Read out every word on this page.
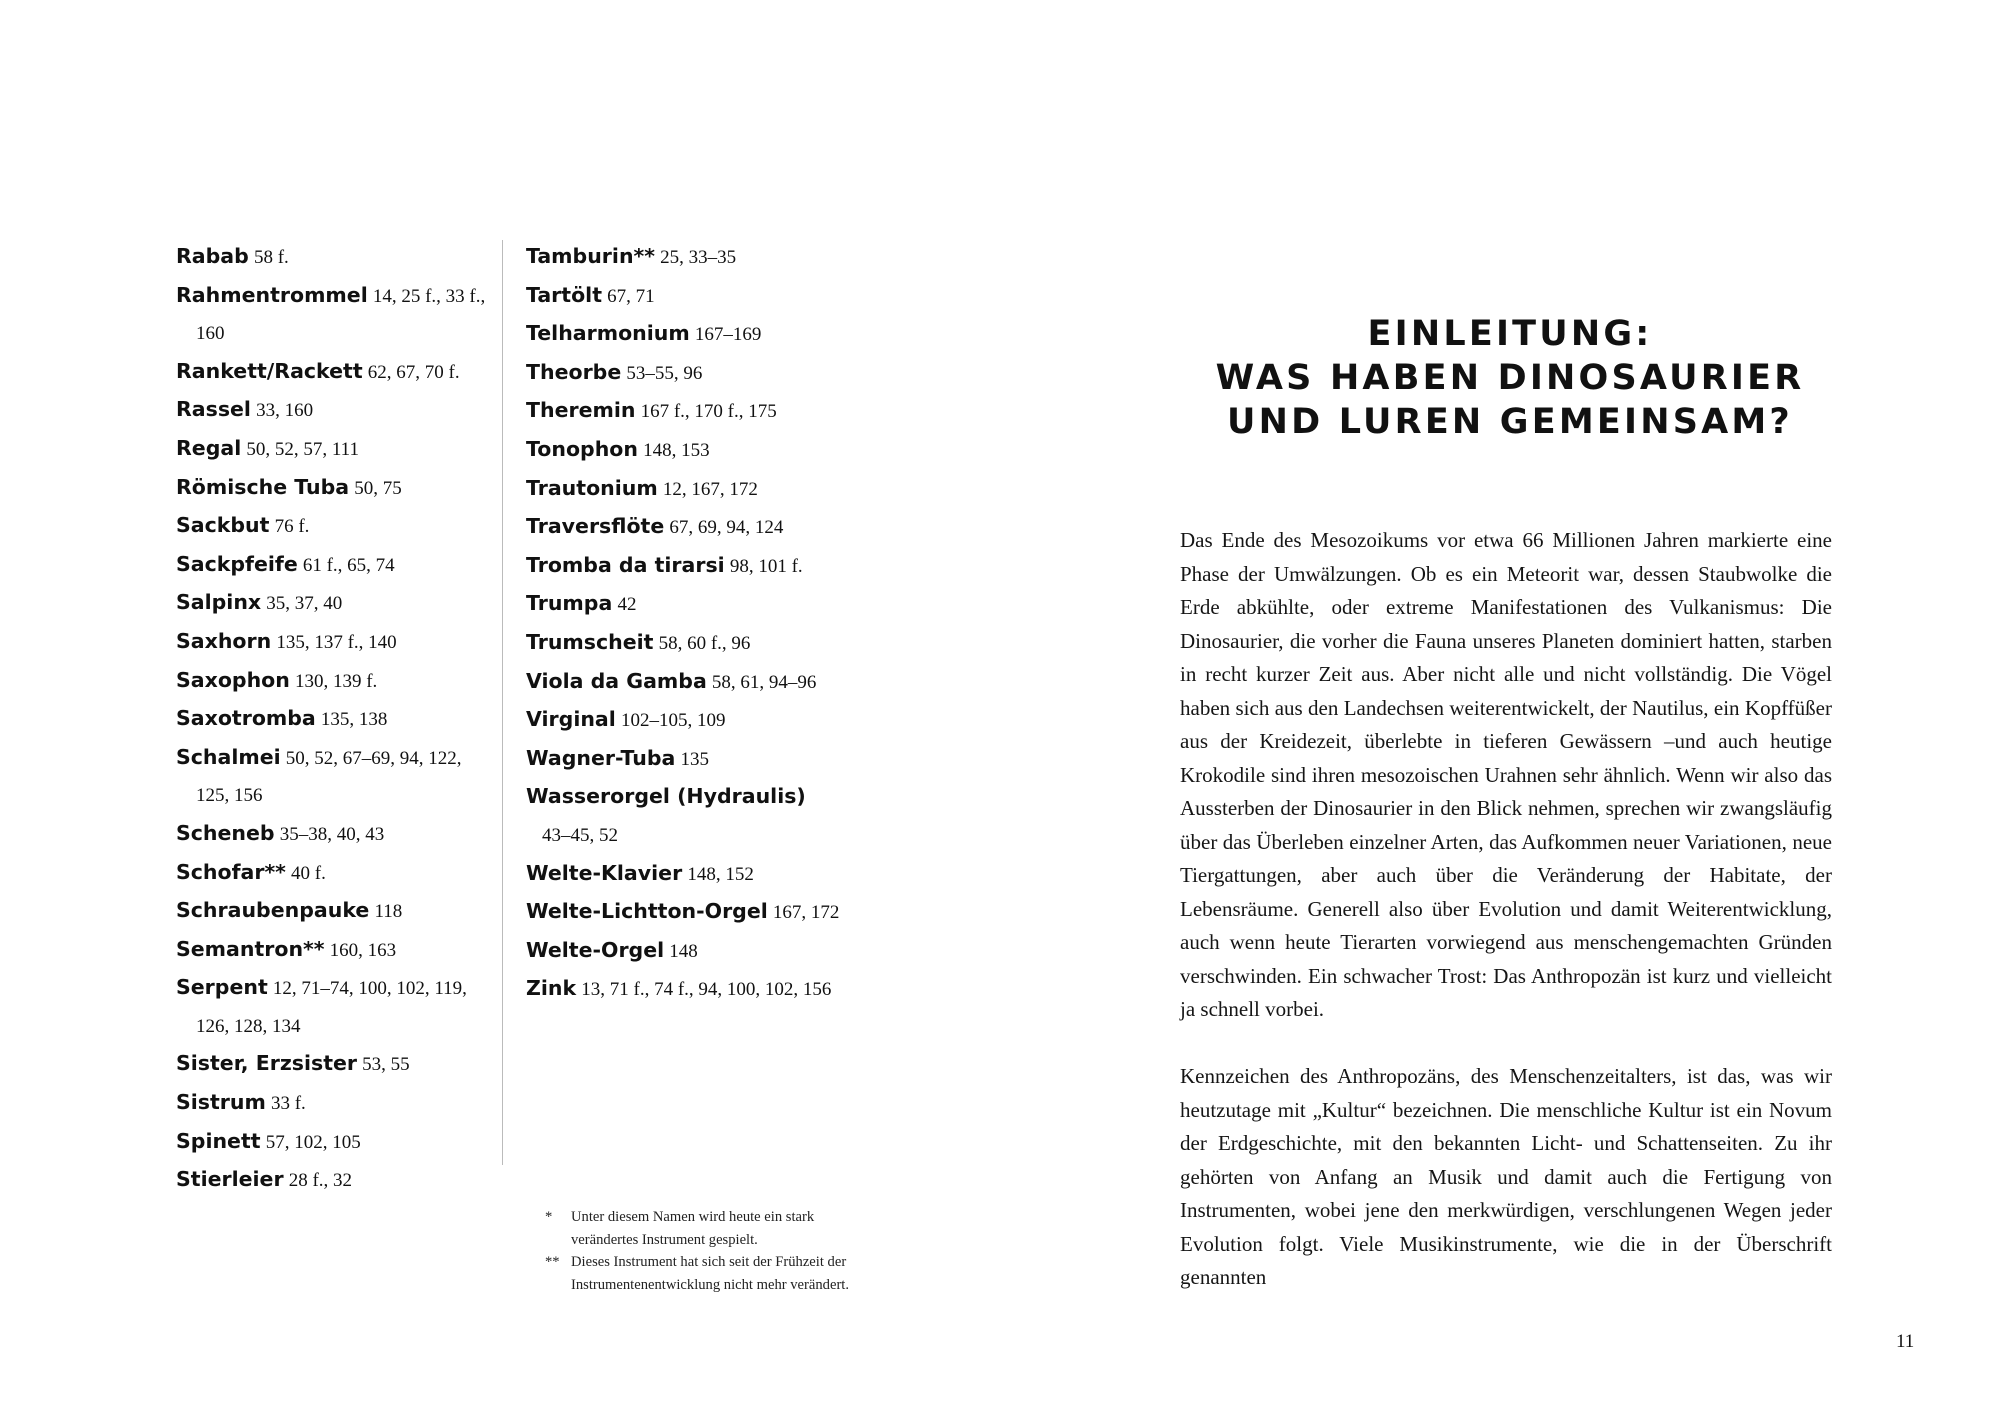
Rabab 58 f.
Rahmentrommel 14, 25 f., 33 f.,
160
Rankett/Rackett 62, 67, 70 f.
Rassel 33, 160
Regal 50, 52, 57, 111
Römische Tuba 50, 75
Sackbut 76 f.
Sackpfeife 61 f., 65, 74
Salpinx 35, 37, 40
Saxhorn 135, 137 f., 140
Saxophon 130, 139 f.
Saxotromba 135, 138
Schalmei 50, 52, 67–69, 94, 122,
125, 156
Scheneb 35–38, 40, 43
Schofar** 40 f.
Schraubenpauke 118
Semantron** 160, 163
Serpent 12, 71–74, 100, 102, 119,
126, 128, 134
Sister, Erzsister 53, 55
Sistrum 33 f.
Spinett 57, 102, 105
Stierleier 28 f., 32
Tamburin** 25, 33–35
Tartölt 67, 71
Telharmonium 167–169
Theorbe 53–55, 96
Theremin 167 f., 170 f., 175
Tonophon 148, 153
Trautonium 12, 167, 172
Traversflöte 67, 69, 94, 124
Tromba da tirarsi 98, 101 f.
Trumpa 42
Trumscheit 58, 60 f., 96
Viola da Gamba 58, 61, 94–96
Virginal 102–105, 109
Wagner-Tuba 135
Wasserorgel (Hydraulis)
43–45, 52
Welte-Klavier 148, 152
Welte-Lichtton-Orgel 167, 172
Welte-Orgel 148
Zink 13, 71 f., 74 f., 94, 100, 102, 156
* Unter diesem Namen wird heute ein stark verändertes Instrument gespielt.
** Dieses Instrument hat sich seit der Frühzeit der Instrumentenentwicklung nicht mehr verändert.
EINLEITUNG:
WAS HABEN DINOSAURIER
UND LUREN GEMEINSAM?

Das Ende des Mesozoikums vor etwa 66 Millionen Jahren markierte eine Phase der Umwälzungen. Ob es ein Meteorit war, dessen Staubwolke die Erde abkühlte, oder extreme Manifestationen des Vulkanismus: Die Dinosaurier, die vorher die Fauna unseres Planeten dominiert hatten, starben in recht kurzer Zeit aus. Aber nicht alle und nicht vollständig. Die Vögel haben sich aus den Landechsen weiterentwickelt, der Nautilus, ein Kopffüßer aus der Kreidezeit, überlebte in tieferen Gewässern –und auch heutige Krokodile sind ihren mesozoischen Urahnen sehr ähnlich. Wenn wir also das Aussterben der Dinosaurier in den Blick nehmen, sprechen wir zwangsläufig über das Überleben einzelner Arten, das Aufkommen neuer Variationen, neue Tiergattungen, aber auch über die Veränderung der Habitate, der Lebensräume. Generell also über Evolution und damit Weiterentwicklung, auch wenn heute Tierarten vorwiegend aus menschengemachten Gründen verschwinden. Ein schwacher Trost: Das Anthropozän ist kurz und vielleicht ja schnell vorbei.

Kennzeichen des Anthropozäns, des Menschenzeitalters, ist das, was wir heutzutage mit „Kultur“ bezeichnen. Die menschliche Kultur ist ein Novum der Erdgeschichte, mit den bekannten Licht- und Schattenseiten. Zu ihr gehörten von Anfang an Musik und damit auch die Fertigung von Instrumenten, wobei jene den merkwürdigen, verschlungenen Wegen jeder Evolution folgt. Viele Musikinstrumente, wie die in der Überschrift genannten

11
